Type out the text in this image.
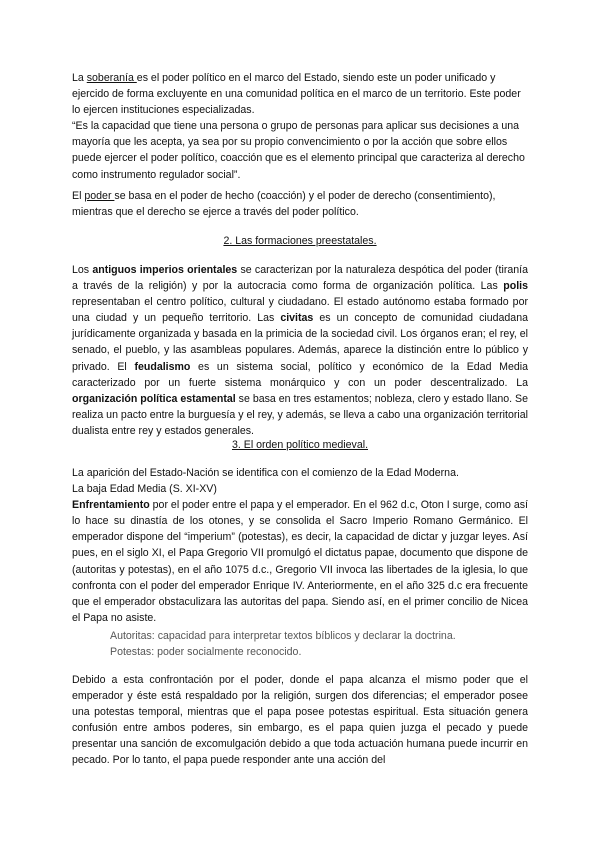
La soberanía es el poder político en el marco del Estado, siendo este un poder unificado y ejercido de forma excluyente en una comunidad política en el marco de un territorio. Este poder lo ejercen instituciones especializadas.

“Es la capacidad que tiene una persona o grupo de personas para aplicar sus decisiones a una mayoría que les acepta, ya sea por su propio convencimiento o por la acción que sobre ellos puede ejercer el poder político, coacción que es el elemento principal que caracteriza al derecho como instrumento regulador social”.

El poder se basa en el poder de hecho (coacción) y el poder de derecho (consentimiento), mientras que el derecho se ejerce a través del poder político.

2. Las formaciones preestatales.

Los antiguos imperios orientales se caracterizan por la naturaleza despótica del poder (tiranía a través de la religión) y por la autocracia como forma de organización política. Las polis representaban el centro político, cultural y ciudadano. El estado autónomo estaba formado por una ciudad y un pequeño territorio. Las civitas es un concepto de comunidad ciudadana jurídicamente organizada y basada en la primicia de la sociedad civil. Los órganos eran; el rey, el senado, el pueblo, y las asambleas populares. Además, aparece la distinción entre lo público y privado. El feudalismo es un sistema social, político y económico de la Edad Media caracterizado por un fuerte sistema monárquico y con un poder descentralizado. La organización política estamental se basa en tres estamentos; nobleza, clero y estado llano. Se realiza un pacto entre la burguesía y el rey, y además, se lleva a cabo una organización territorial dualista entre rey y estados generales.

3. El orden político medieval.

La aparición del Estado-Nación se identifica con el comienzo de la Edad Moderna.

La baja Edad Media (S. XI-XV)

Enfrentamiento por el poder entre el papa y el emperador. En el 962 d.c, Oton I surge, como así lo hace su dinastía de los otones, y se consolida el Sacro Imperio Romano Germánico. El emperador dispone del “imperium” (potestas), es decir, la capacidad de dictar y juzgar leyes. Así pues, en el siglo XI, el Papa Gregorio VII promulgó el dictatus papae, documento que dispone de (autoritas y potestas), en el año 1075 d.c., Gregorio VII invoca las libertades de la iglesia, lo que confronta con el poder del emperador Enrique IV. Anteriormente, en el año 325 d.c era frecuente que el emperador obstaculizara las autoritas del papa. Siendo así, en el primer concilio de Nicea el Papa no asiste.

Autoritas: capacidad para interpretar textos bíblicos y declarar la doctrina.

Potestas: poder socialmente reconocido.

Debido a esta confrontación por el poder, donde el papa alcanza el mismo poder que el emperador y éste está respaldado por la religión, surgen dos diferencias; el emperador posee una potestas temporal, mientras que el papa posee potestas espiritual. Esta situación genera confusión entre ambos poderes, sin embargo, es el papa quien juzga el pecado y puede presentar una sanción de excomulgación debido a que toda actuación humana puede incurrir en pecado. Por lo tanto, el papa puede responder ante una acción del
